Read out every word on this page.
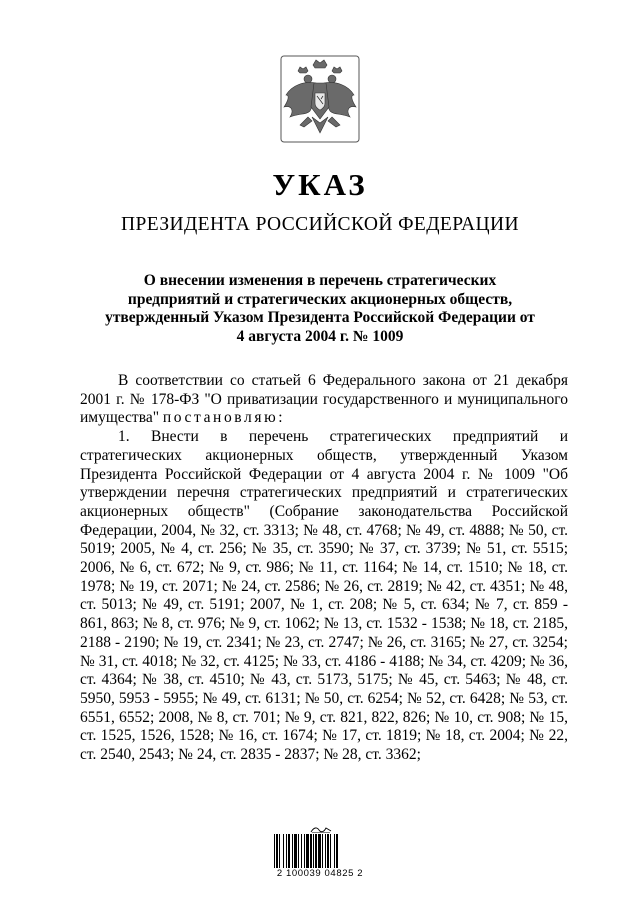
УКАЗ
ПРЕЗИДЕНТА РОССИЙСКОЙ ФЕДЕРАЦИИ
О внесении изменения в перечень стратегических предприятий и стратегических акционерных обществ, утвержденный Указом Президента Российской Федерации от 4 августа 2004 г. № 1009

В соответствии со статьей 6 Федерального закона от 21 декабря 2001 г. № 178-ФЗ "О приватизации государственного и муниципального имущества" постановляю:

1. Внести в перечень стратегических предприятий и стратегических акционерных обществ, утвержденный Указом Президента Российской Федерации от 4 августа 2004 г. № 1009 "Об утверждении перечня стратегических предприятий и стратегических акционерных обществ" (Собрание законодательства Российской Федерации, 2004, № 32, ст. 3313; № 48, ст. 4768; № 49, ст. 4888; № 50, ст. 5019; 2005, № 4, ст. 256; № 35, ст. 3590; № 37, ст. 3739; № 51, ст. 5515; 2006, № 6, ст. 672; № 9, ст. 986; № 11, ст. 1164; № 14, ст. 1510; № 18, ст. 1978; № 19, ст. 2071; № 24, ст. 2586; № 26, ст. 2819; № 42, ст. 4351; № 48, ст. 5013; № 49, ст. 5191; 2007, № 1, ст. 208; № 5, ст. 634; № 7, ст. 859 - 861, 863; № 8, ст. 976; № 9, ст. 1062; № 13, ст. 1532 - 1538; № 18, ст. 2185, 2188 - 2190; № 19, ст. 2341; № 23, ст. 2747; № 26, ст. 3165; № 27, ст. 3254; № 31, ст. 4018; № 32, ст. 4125; № 33, ст. 4186 - 4188; № 34, ст. 4209; № 36, ст. 4364; № 38, ст. 4510; № 43, ст. 5173, 5175; № 45, ст. 5463; № 48, ст. 5950, 5953 - 5955; № 49, ст. 6131; № 50, ст. 6254; № 52, ст. 6428; № 53, ст. 6551, 6552; 2008, № 8, ст. 701; № 9, ст. 821, 822, 826; № 10, ст. 908; № 15, ст. 1525, 1526, 1528; № 16, ст. 1674; № 17, ст. 1819; № 18, ст. 2004; № 22, ст. 2540, 2543; № 24, ст. 2835 - 2837; № 28, ст. 3362;

2 100039 04825 2
